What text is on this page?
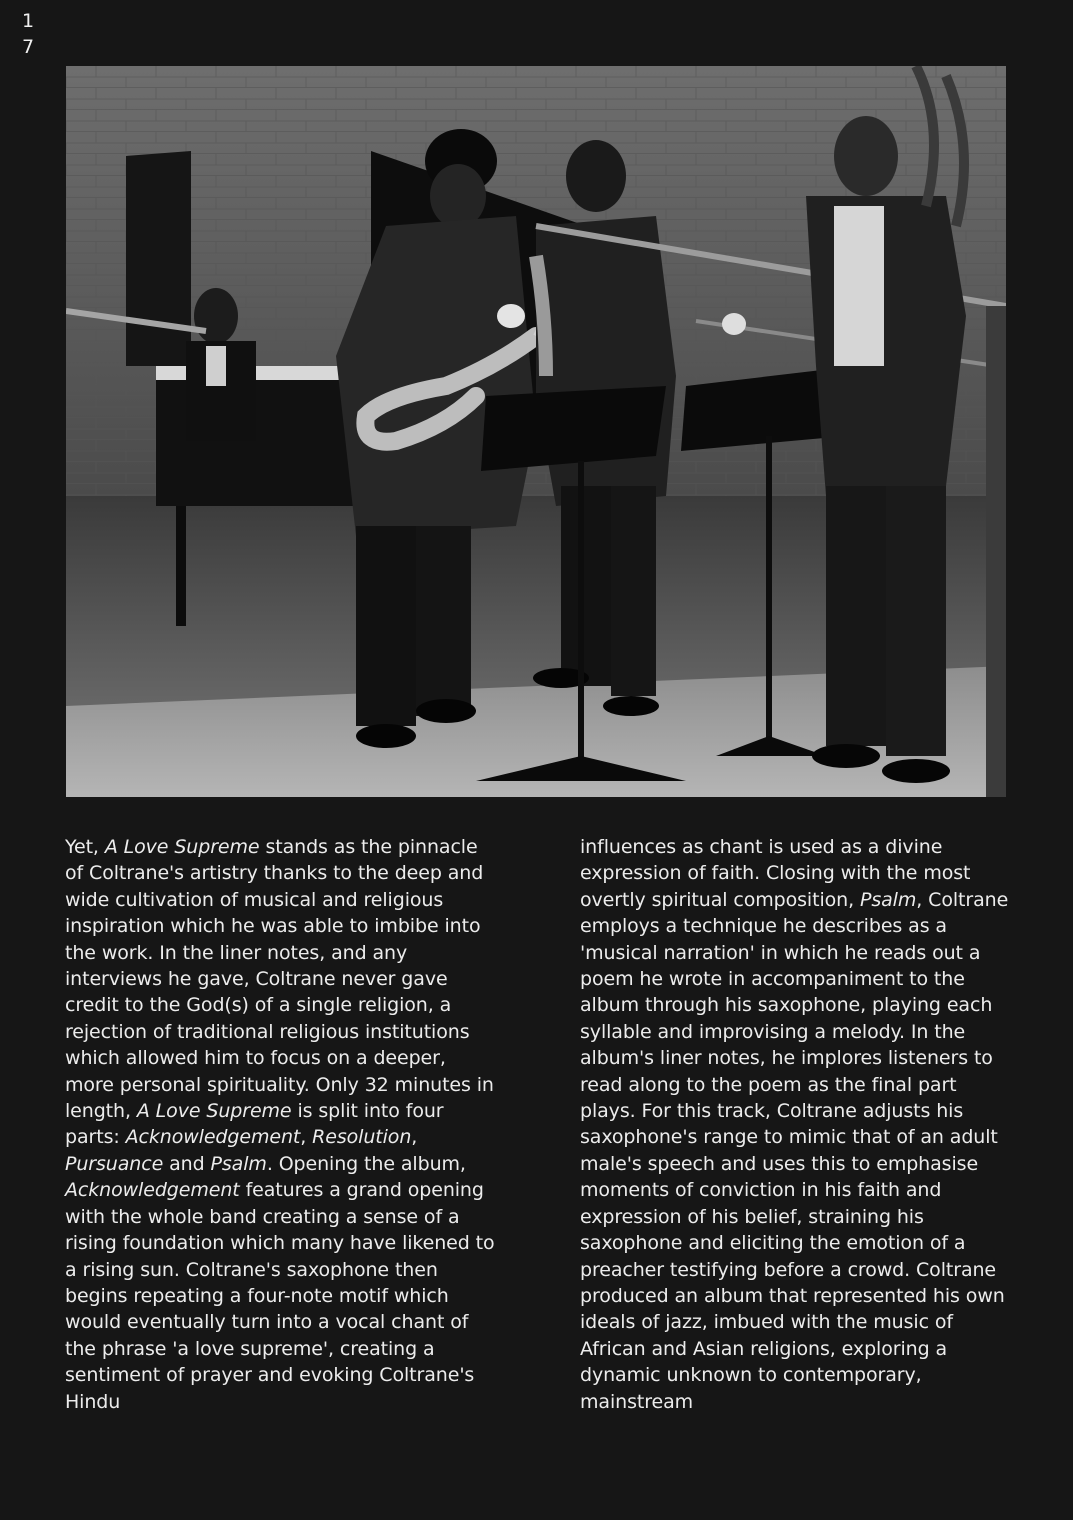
1
7

Yet, A Love Supreme stands as the pinnacle of Coltrane's artistry thanks to the deep and wide cultivation of musical and religious inspiration which he was able to imbibe into the work. In the liner notes, and any interviews he gave, Coltrane never gave credit to the God(s) of a single religion, a rejection of traditional religious institutions which allowed him to focus on a deeper, more personal spirituality. Only 32 minutes in length, A Love Supreme is split into four parts: Acknowledgement, Resolution, Pursuance and Psalm. Opening the album, Acknowledgement features a grand opening with the whole band creating a sense of a rising foundation which many have likened to a rising sun. Coltrane's saxophone then begins repeating a four-note motif which would eventually turn into a vocal chant of the phrase 'a love supreme', creating a sentiment of prayer and evoking Coltrane's Hindu

influences as chant is used as a divine expression of faith. Closing with the most overtly spiritual composition, Psalm, Coltrane employs a technique he describes as a 'musical narration' in which he reads out a poem he wrote in accompaniment to the album through his saxophone, playing each syllable and improvising a melody. In the album's liner notes, he implores listeners to read along to the poem as the final part plays. For this track, Coltrane adjusts his saxophone's range to mimic that of an adult male's speech and uses this to emphasise moments of conviction in his faith and expression of his belief, straining his saxophone and eliciting the emotion of a preacher testifying before a crowd. Coltrane produced an album that represented his own ideals of jazz, imbued with the music of African and Asian religions, exploring a dynamic unknown to contemporary, mainstream
